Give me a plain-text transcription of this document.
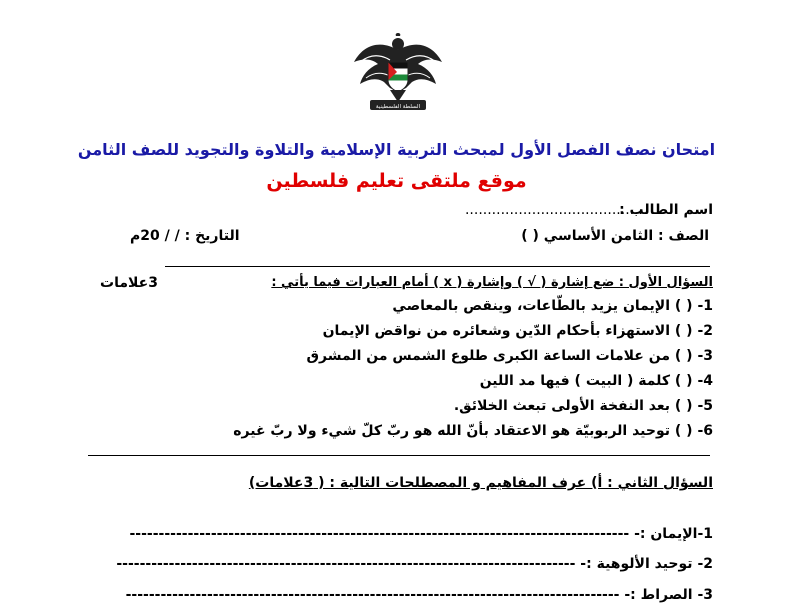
السلطة الفلسطينية
امتحان نصف الفصل الأول لمبحث التربية الإسلامية والتلاوة والتجويد للصف الثامن
موقع ملتقى تعليم فلسطين
اسم الطالب :
........................................
الصف : الثامن الأساسي ( )
التاريخ : / / 20م
السؤال الأول : ضع إشارة ( √ ) وإشارة ( x ) أمام العبارات فيما يأتي :
3علامات
1- ( ) الإيمان يزيد بالطّاعات، وينقص بالمعاصي
2- ( ) الاستهزاء بأحكام الدّين وشعائره من نواقض الإيمان
3- ( ) من علامات الساعة الكبرى طلوع الشمس من المشرق
4- ( ) كلمة ( البيت ) فيها مد اللين
5- ( ) بعد النفخة الأولى تبعث الخلائق.
6- ( ) توحيد الربوبيّة هو الاعتقاد بأنّ الله هو ربّ كلّ شيء ولا ربّ غيره
السؤال الثاني : أ) عرف المفاهيم و المصطلحات التالية : ( 3علامات)
1-الإيمان :- --------------------------------------------------------------------------------------
2- توحيد الألوهية :- -------------------------------------------------------------------------------
3- الصراط :- -------------------------------------------------------------------------------------
